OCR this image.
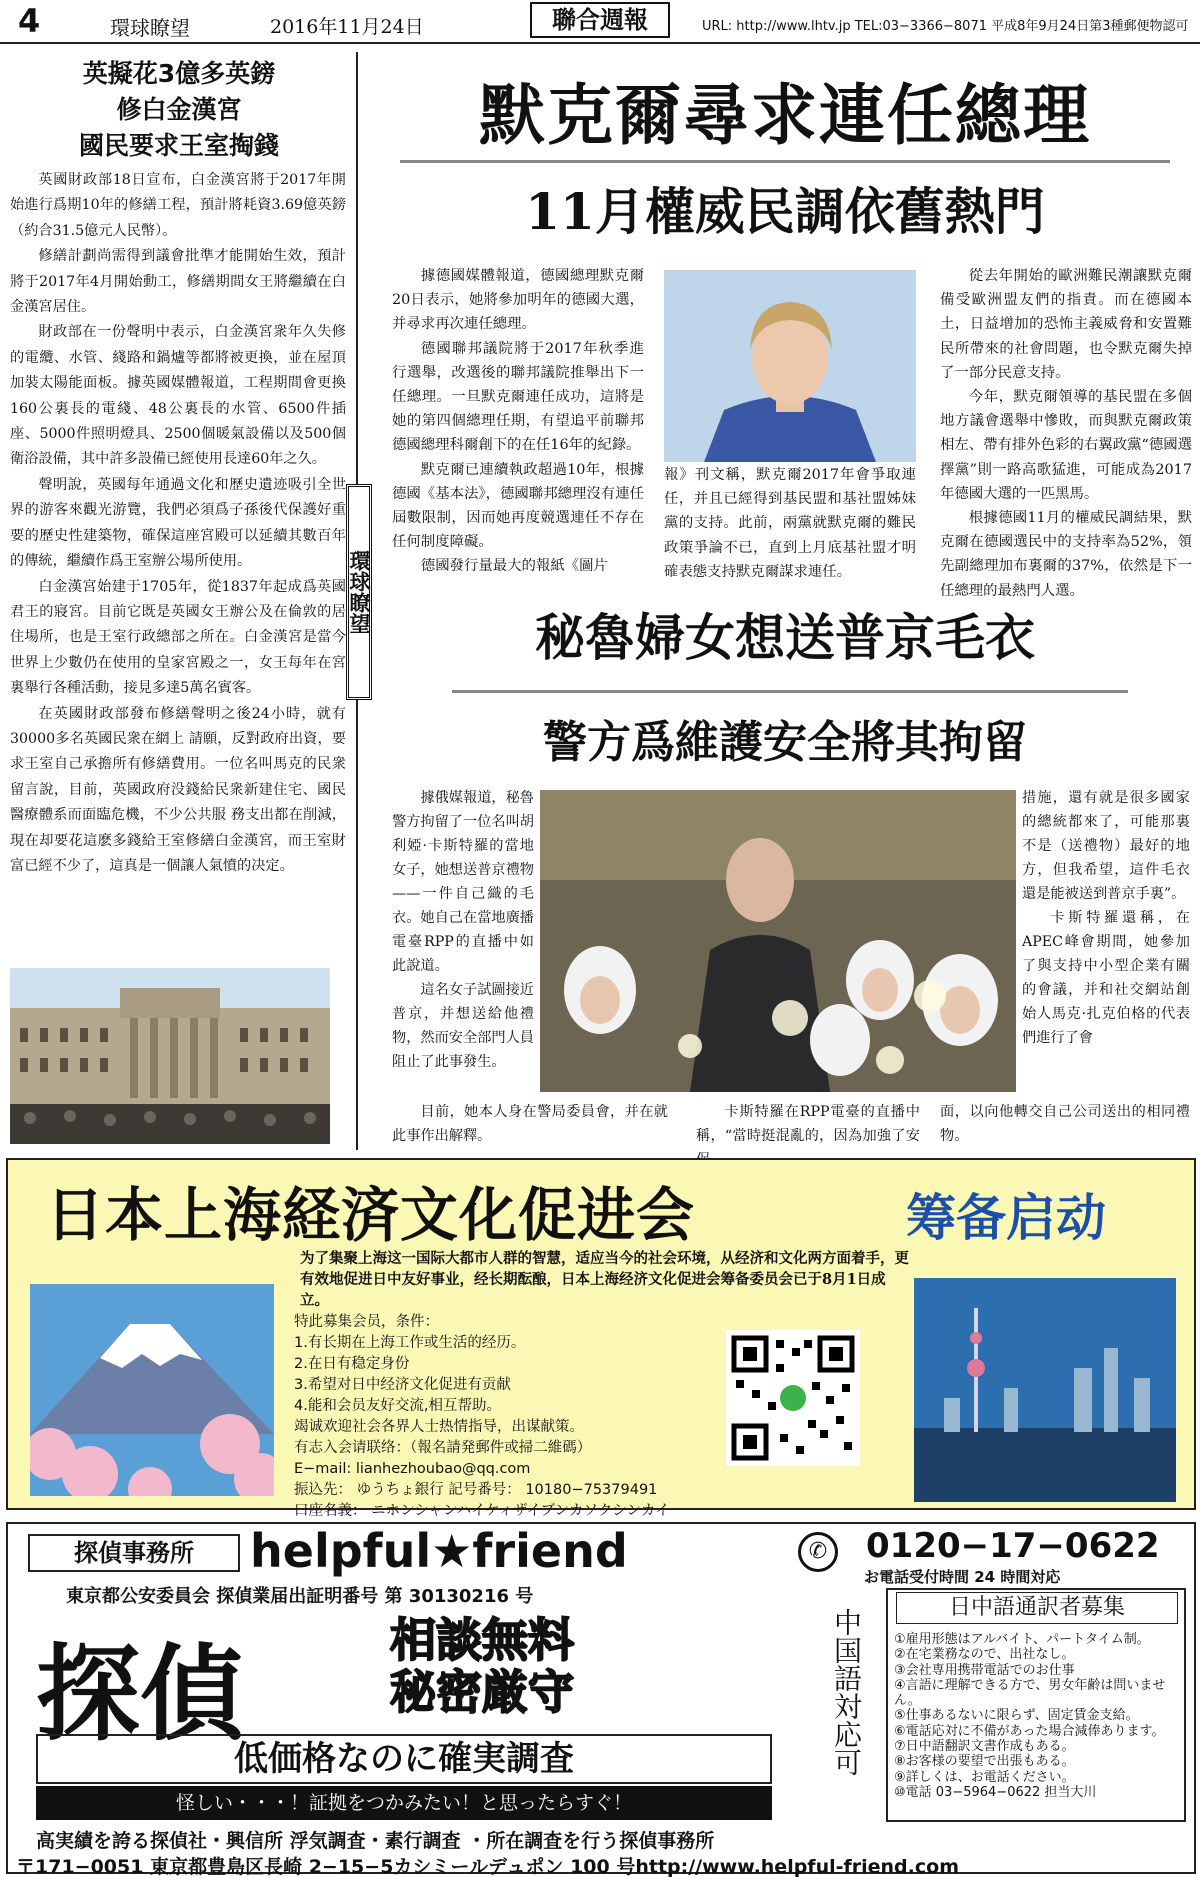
4	環球瞭望	2016年11月24日	聯合週報	URL: http://www.lhtv.jp TEL:03−3366−8071 平成8年9月24日第3種郵便物認可
英擬花3億多英鎊
修白金漢宮
國民要求王室掏錢

英國財政部18日宣布，白金漢宮將于2017年開始進行爲期10年的修繕工程，預計將耗資3.69億英鎊（約合31.5億元人民幣）。

修繕計劃尚需得到議會批準才能開始生效，預計將于2017年4月開始動工，修繕期間女王將繼續在白金漢宮居住。

財政部在一份聲明中表示，白金漢宮衆年久失修的電纜、水管、綫路和鍋爐等都將被更換，並在屋頂加裝太陽能面板。據英國媒體報道，工程期間會更換160公裏長的電綫、48公裏長的水管、6500件插座、5000件照明燈具、2500個暖氣設備以及500個衛浴設備，其中許多設備已經使用長達60年之久。

聲明說，英國每年通過文化和歷史遺迹吸引全世界的游客來觀光游覽，我們必須爲子孫後代保護好重要的歷史性建築物，確保這座宮殿可以延續其數百年的傳統，繼續作爲王室辦公場所使用。

白金漢宮始建于1705年，從1837年起成爲英國君王的寢宮。目前它既是英國女王辦公及在倫敦的居住場所，也是王室行政總部之所在。白金漢宮是當今世界上少數仍在使用的皇家宮殿之一，女王每年在宮裏舉行各種活動，接見多達5萬名賓客。

在英國財政部發布修繕聲明之後24小時，就有30000多名英國民衆在網上 請願，反對政府出資，要求王室自己承擔所有修繕費用。一位名叫馬克的民衆留言說，目前，英國政府没錢給民衆新建住宅、國民醫療體系而面臨危機，不少公共服 務支出都在削減，現在却要花這麽多錢給王室修繕白金漢宮，而王室財富已經不少了，這真是一個讓人氣憤的决定。

環球瞭望
默克爾尋求連任總理
11月權威民調依舊熱門

據德國媒體報道，德國總理默克爾20日表示，她將參加明年的德國大選，并尋求再次連任總理。

德國聯邦議院將于2017年秋季進行選舉，改選後的聯邦議院推舉出下一任總理。一旦默克爾連任成功，這將是她的第四個總理任期，有望追平前聯邦德國總理科爾創下的在任16年的紀錄。

默克爾已連續執政超過10年，根據德國《基本法》，德國聯邦總理沒有連任屆數限制，因而她再度競選連任不存在任何制度障礙。

德國發行量最大的報紙《圖片

報》刊文稱，默克爾2017年會爭取連任，并且已經得到基民盟和基社盟姊妹黨的支持。此前，兩黨就默克爾的難民政策爭論不已，直到上月底基社盟才明確表態支持默克爾謀求連任。

從去年開始的歐洲難民潮讓默克爾備受歐洲盟友們的指責。而在德國本土，日益增加的恐怖主義威脅和安置難民所帶來的社會問題，也令默克爾失掉了一部分民意支持。

今年，默克爾領導的基民盟在多個地方議會選舉中慘敗，而與默克爾政策相左、帶有排外色彩的右翼政黨“德國選擇黨”則一路高歌猛進，可能成為2017年德國大選的一匹黑馬。

根據德國11月的權威民調結果，默克爾在德國選民中的支持率為52%，領先副總理加布裏爾的37%，依然是下一任總理的最熱門人選。

秘魯婦女想送普京毛衣
警方爲維護安全將其拘留

據俄媒報道，秘魯警方拘留了一位名叫胡利婭·卡斯特羅的當地女子，她想送普京禮物——一件自己織的毛衣。她自己在當地廣播電臺RPP的直播中如此說道。

這名女子試圖接近普京，并想送給他禮物，然而安全部門人員阻止了此事發生。

目前，她本人身在警局委員會，并在就此事作出解釋。
卡斯特羅在RPP電臺的直播中稱，“當時挺混亂的，因為加強了安

措施，還有就是很多國家的總統都來了，可能那裏不是（送禮物）最好的地方，但我希望，這件毛衣還是能被送到普京手裏”。

卡斯特羅還稱，在APEC峰會期間，她參加了與支持中小型企業有關的會議，并和社交網站創始人馬克·扎克伯格的代表們進行了會

面，以向他轉交自己公司送出的相同禮物。
日本上海経済文化促进会	筹备启动
为了集聚上海这一国际大都市人群的智慧，适应当今的社会环境，从经济和文化两方面着手，更有效地促进日中友好事业，经长期酝酿，日本上海经济文化促进会筹备委员会已于8月1日成立。
特此募集会员，条件：
1.有长期在上海工作或生活的经历。
2.在日有稳定身份
3.希望对日中经济文化促进有贡献
4.能和会员友好交流,相互帮助。
竭诚欢迎社会各界人士热情指导，出谋献策。
有志入会请联络：（報名請発郵件或掃二維碼）
E−mail: lianhezhoubao@qq.com
振込先： ゆうちょ銀行 記号番号： 10180−75379491
口座名義： ニホンシャンハイケィザイブンカソクシンカイ
探偵事務所	helpful★friend	✆	0120−17−0622
お電話受付時間 24 時間対応
東京都公安委員会 探偵業届出証明番号 第 30130216 号
探偵	相談無料
秘密厳守	中国語対応可
低価格なのに確実調査
怪しい・・・！証拠をつかみたい！と思ったらすぐ！
高実績を誇る探偵社・興信所 浮気調査・素行調査 ・所在調査を行う探偵事務所
〒171−0051 東京都豊島区長崎 2−15−5カシミールデュポン 100 号http://www.helpful-friend.com
日中語通訳者募集
①雇用形態はアルバイト、パートタイム制。
②在宅業務なので、出社なし。
③会社専用携帯電話でのお仕事
④言語に理解できる方で、男女年齢は問いません。
⑤仕事あるないに限らず、固定賃金支給。
⑥電話応対に不備があった場合減俸あります。
⑦日中語翻訳文書作成もある。
⑧お客様の要望で出張もある。
⑨詳しくは、お電話ください。
⑩電話 03−5964−0622 担当大川
